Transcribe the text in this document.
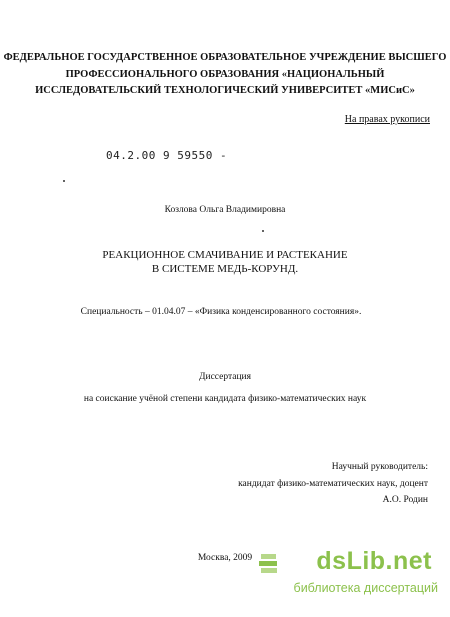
ФЕДЕРАЛЬНОЕ ГОСУДАРСТВЕННОЕ ОБРАЗОВАТЕЛЬНОЕ УЧРЕЖДЕНИЕ ВЫСШЕГО
ПРОФЕССИОНАЛЬНОГО ОБРАЗОВАНИЯ «НАЦИОНАЛЬНЫЙ
ИССЛЕДОВАТЕЛЬСКИЙ ТЕХНОЛОГИЧЕСКИЙ УНИВЕРСИТЕТ «МИСиС»
На правах рукописи
04.2.00 9 59550 -
Козлова Ольга Владимировна
РЕАКЦИОННОЕ СМАЧИВАНИЕ И РАСТЕКАНИЕ
В СИСТЕМЕ МЕДЬ-КОРУНД.
Специальность – 01.04.07 – «Физика конденсированного состояния».
Диссертация
на соискание учёной степени кандидата физико-математических наук
Научный руководитель:
кандидат физико-математических наук, доцент
А.О. Родин
Москва, 2009	dsLib.net
библиотека диссертаций
